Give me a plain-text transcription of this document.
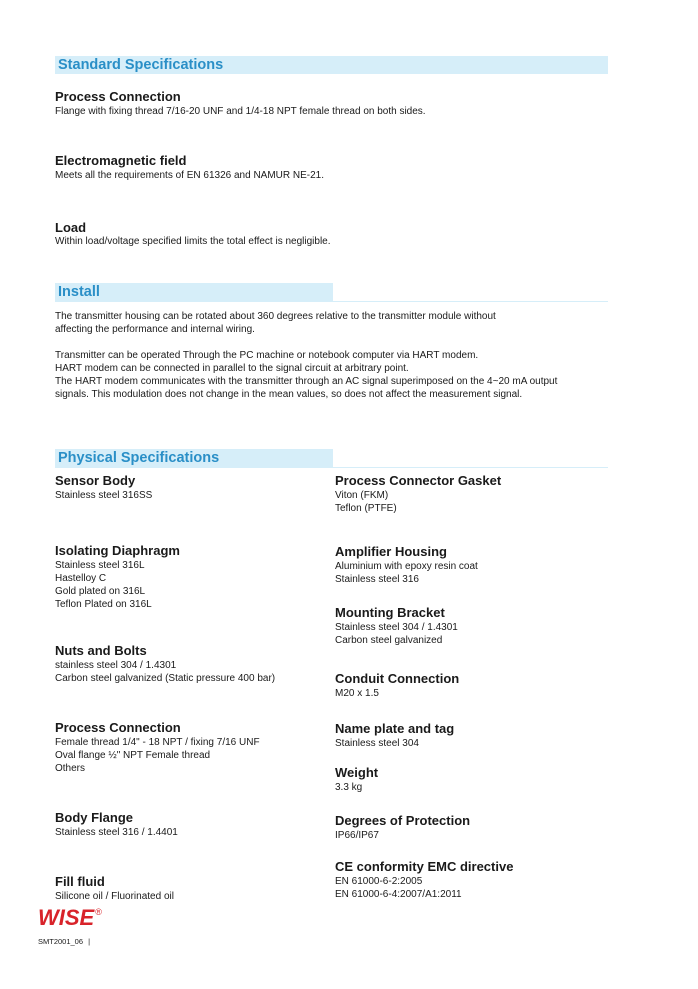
Standard Specifications
Process Connection
Flange with fixing thread 7/16-20 UNF and 1/4-18 NPT female thread on both sides.
Electromagnetic field
Meets all the requirements of EN 61326 and NAMUR NE-21.
Load
Within load/voltage specified limits the total effect is negligible.
Install
The transmitter housing can be rotated about 360 degrees relative to the transmitter module without
affecting the performance and internal wiring.
Transmitter can be operated Through the PC machine or notebook computer via HART modem.
HART modem can be connected in parallel to the signal circuit at arbitrary point.
The HART modem communicates with the transmitter through an AC signal superimposed on the 4~20 mA output
signals. This modulation does not change in the mean values, so does not affect the measurement signal.
Physical Specifications
Sensor Body
Stainless steel 316SS
Isolating Diaphragm
Stainless steel 316L
Hastelloy C
Gold plated on 316L
Teflon Plated on 316L
Nuts and Bolts
stainless steel 304 / 1.4301
Carbon steel galvanized (Static pressure 400 bar)
Process Connection
Female thread 1/4" - 18 NPT / fixing 7/16 UNF
Oval flange ½" NPT Female thread
Others
Body Flange
Stainless steel 316 / 1.4401
Fill fluid
Silicone oil / Fluorinated oil
Process Connector Gasket
Viton (FKM)
Teflon (PTFE)
Amplifier Housing
Aluminium with epoxy resin coat
Stainless steel 316
Mounting Bracket
Stainless steel 304 / 1.4301
Carbon steel galvanized
Conduit Connection
M20 x 1.5
Name plate and tag
Stainless steel 304
Weight
3.3 kg
Degrees of Protection
IP66/IP67
CE conformity EMC directive
EN 61000-6-2:2005
EN 61000-6-4:2007/A1:2011
WISE®
SMT2001_06 |
